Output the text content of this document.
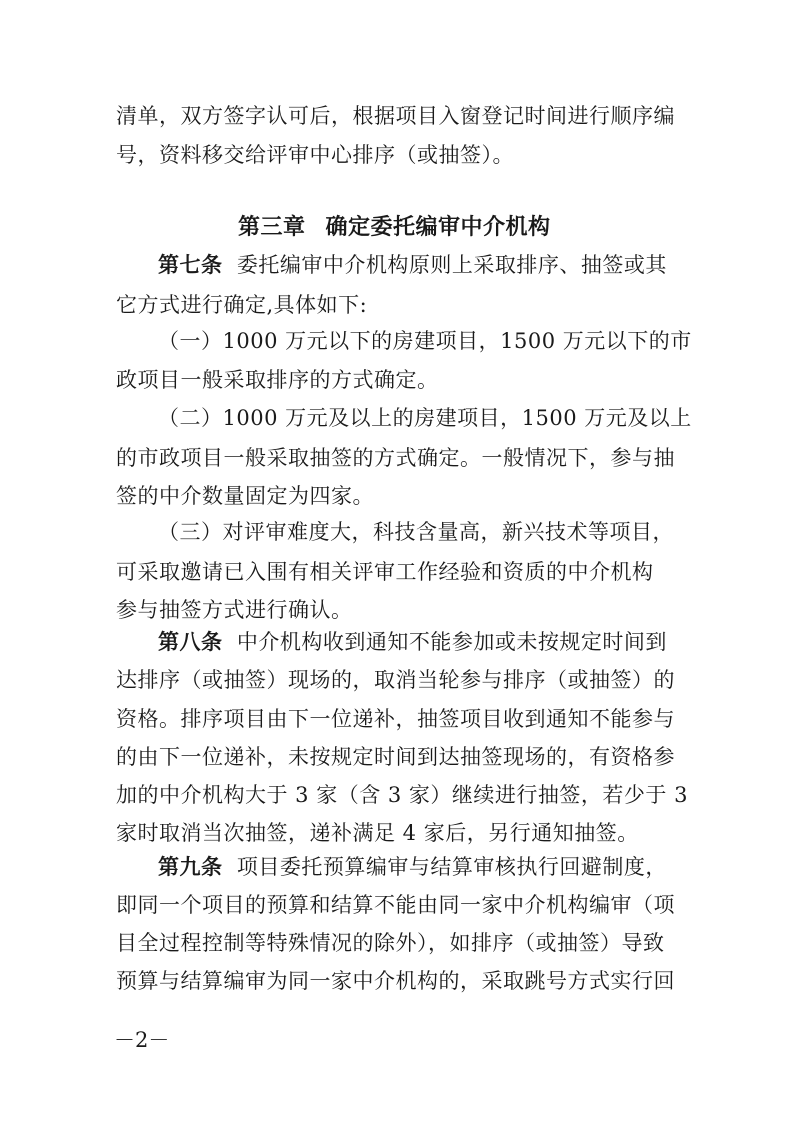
清单，双方签字认可后，根据项目入窗登记时间进行顺序编
号，资料移交给评审中心排序（或抽签）。
第三章 确定委托编审中介机构
第七条 委托编审中介机构原则上采取排序、抽签或其
它方式进行确定,具体如下:
（一）1000 万元以下的房建项目，1500 万元以下的市
政项目一般采取排序的方式确定。
（二）1000 万元及以上的房建项目，1500 万元及以上
的市政项目一般采取抽签的方式确定。一般情况下，参与抽
签的中介数量固定为四家。
（三）对评审难度大，科技含量高，新兴技术等项目，
可采取邀请已入围有相关评审工作经验和资质的中介机构
参与抽签方式进行确认。
第八条 中介机构收到通知不能参加或未按规定时间到
达排序（或抽签）现场的，取消当轮参与排序（或抽签）的
资格。排序项目由下一位递补，抽签项目收到通知不能参与
的由下一位递补，未按规定时间到达抽签现场的，有资格参
加的中介机构大于 3 家（含 3 家）继续进行抽签，若少于 3
家时取消当次抽签，递补满足 4 家后，另行通知抽签。
第九条 项目委托预算编审与结算审核执行回避制度，
即同一个项目的预算和结算不能由同一家中介机构编审（项
目全过程控制等特殊情况的除外），如排序（或抽签）导致
预算与结算编审为同一家中介机构的，采取跳号方式实行回
－2－
